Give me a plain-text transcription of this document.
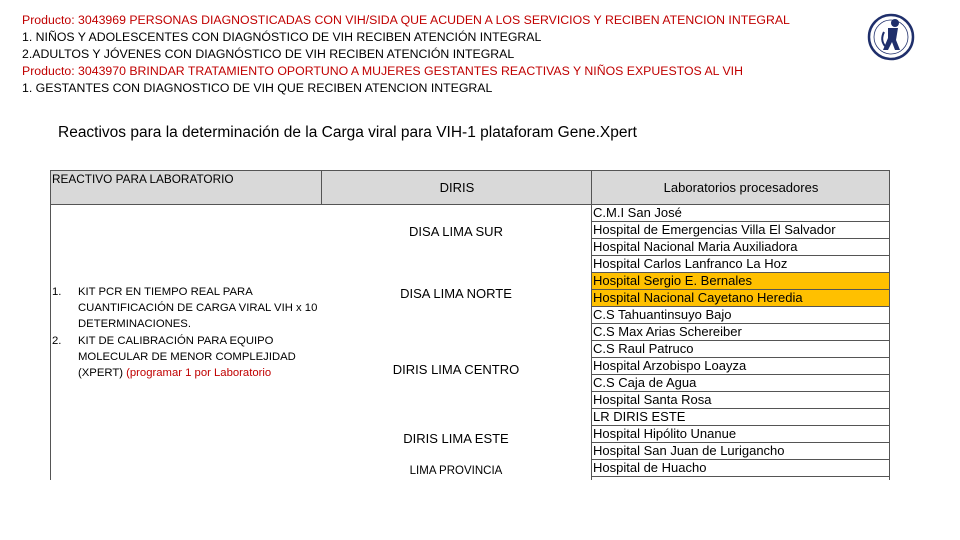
Producto: 3043969 PERSONAS DIAGNOSTICADAS CON VIH/SIDA QUE ACUDEN A LOS SERVICIOS Y RECIBEN ATENCION INTEGRAL
1. NIÑOS Y ADOLESCENTES CON DIAGNÓSTICO DE VIH RECIBEN ATENCIÓN INTEGRAL
2.ADULTOS Y JÓVENES CON DIAGNÓSTICO DE VIH RECIBEN ATENCIÓN INTEGRAL
Producto: 3043970 BRINDAR TRATAMIENTO OPORTUNO A MUJERES GESTANTES REACTIVAS Y NIÑOS EXPUESTOS AL VIH
1. GESTANTES CON DIAGNOSTICO DE VIH QUE RECIBEN ATENCION INTEGRAL
Reactivos para la determinación de la Carga viral para VIH-1 plataforam Gene.Xpert
REACTIVO PARA LABORATORIO
DIRIS	Laboratorios procesadores
1. KIT PCR EN TIEMPO REAL PARA CUANTIFICACIÓN DE CARGA VIRAL VIH x 10 DETERMINACIONES.
2. KIT DE CALIBRACIÓN PARA EQUIPO MOLECULAR DE MENOR COMPLEJIDAD (XPERT) (programar 1 por Laboratorio
DISA LIMA SUR
DISA LIMA NORTE
DIRIS LIMA CENTRO
DIRIS LIMA ESTE
LIMA PROVINCIA
C.M.I San José
Hospital de Emergencias Villa El Salvador
Hospital Nacional Maria Auxiliadora
Hospital Carlos Lanfranco La Hoz
Hospital Sergio E. Bernales
Hospital Nacional Cayetano Heredia
C.S Tahuantinsuyo Bajo
C.S Max Arias Schereiber
C.S Raul Patruco
Hospital Arzobispo Loayza
C.S Caja de Agua
Hospital Santa Rosa
LR DIRIS ESTE
Hospital Hipólito Unanue
Hospital San Juan de Lurigancho
Hospital de Huacho
